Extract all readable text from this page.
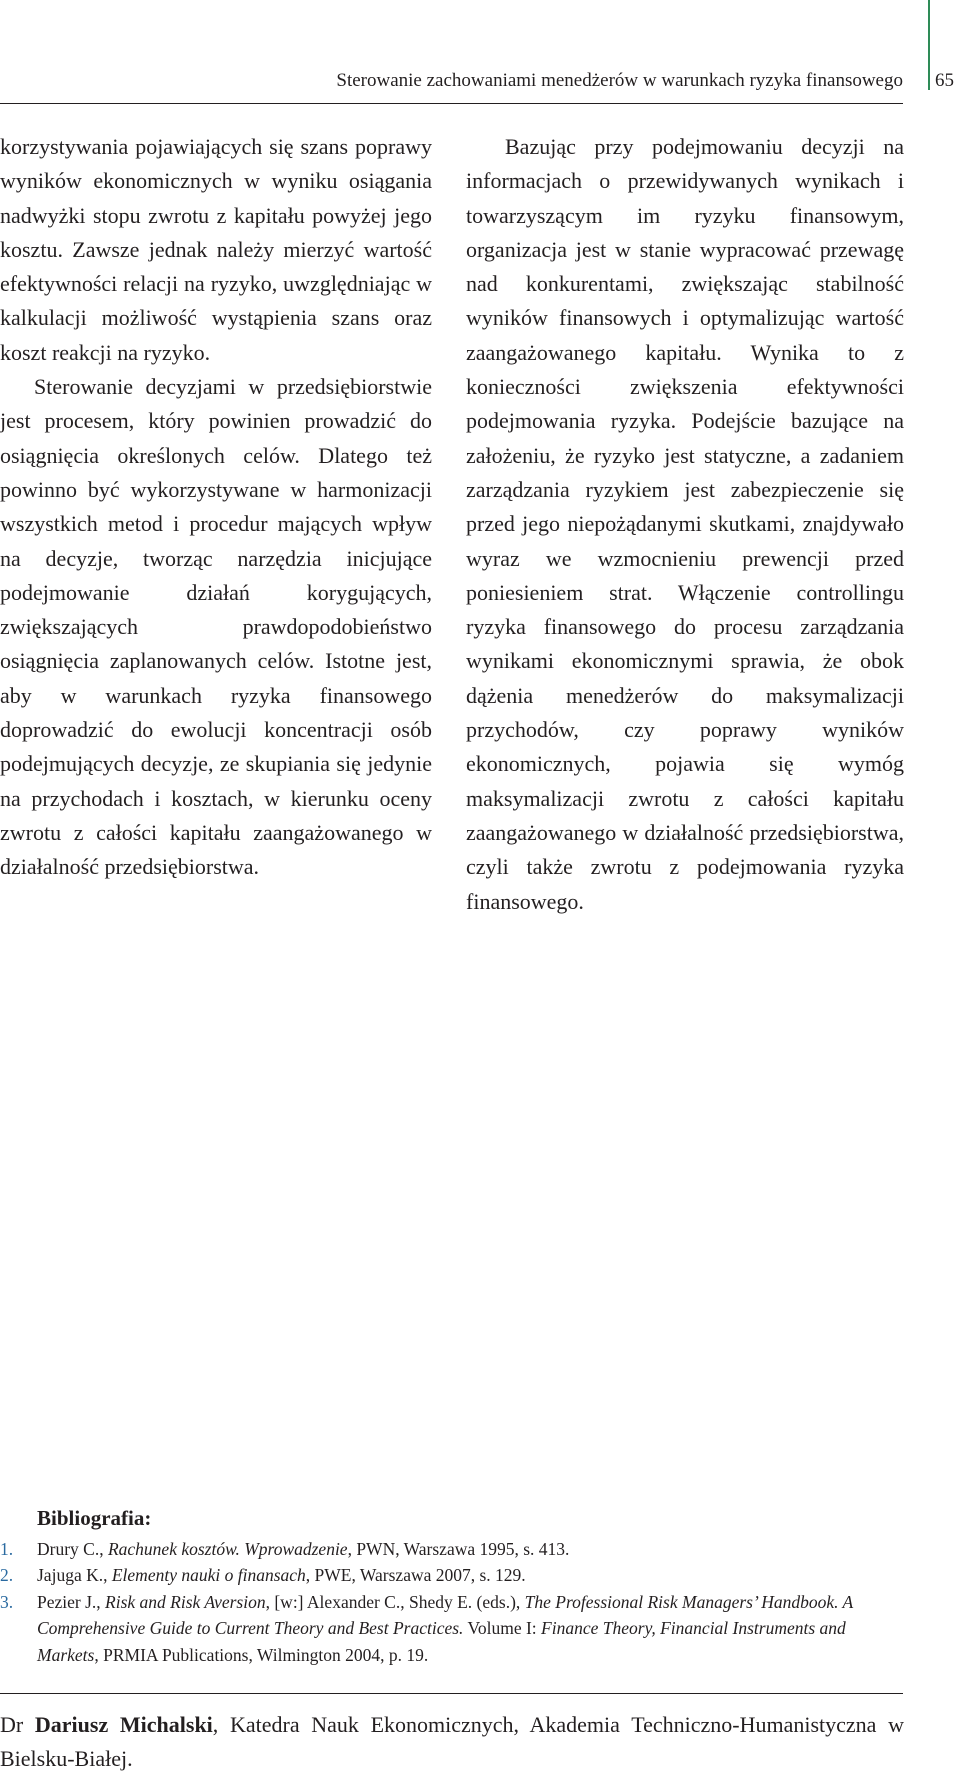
Sterowanie zachowaniami menedżerów w warunkach ryzyka finansowego 65

korzystywania pojawiających się szans poprawy wyników ekonomicznych w wyniku osiągania nadwyżki stopu zwrotu z kapitału powyżej jego kosztu. Zawsze jednak należy mierzyć wartość efektywności relacji na ryzyko, uwzględniając w kalkulacji możliwość wystąpienia szans oraz koszt reakcji na ryzyko.

Sterowanie decyzjami w przedsiębiorstwie jest procesem, który powinien prowadzić do osiągnięcia określonych celów. Dlatego też powinno być wykorzystywane w harmonizacji wszystkich metod i procedur mających wpływ na decyzje, tworząc narzędzia inicjujące podejmowanie działań korygujących, zwiększających prawdopodobieństwo osiągnięcia zaplanowanych celów. Istotne jest, aby w warunkach ryzyka finansowego doprowadzić do ewolucji koncentracji osób podejmujących decyzje, ze skupiania się jedynie na przychodach i kosztach, w kierunku oceny zwrotu z całości kapitału zaangażowanego w działalność przedsiębiorstwa.

Bazując przy podejmowaniu decyzji na informacjach o przewidywanych wynikach i towarzyszącym im ryzyku finansowym, organizacja jest w stanie wypracować przewagę nad konkurentami, zwiększając stabilność wyników finansowych i optymalizując wartość zaangażowanego kapitału. Wynika to z konieczności zwiększenia efektywności podejmowania ryzyka. Podejście bazujące na założeniu, że ryzyko jest statyczne, a zadaniem zarządzania ryzykiem jest zabezpieczenie się przed jego niepożądanymi skutkami, znajdywało wyraz we wzmocnieniu prewencji przed poniesieniem strat. Włączenie controllingu ryzyka finansowego do procesu zarządzania wynikami ekonomicznymi sprawia, że obok dążenia menedżerów do maksymalizacji przychodów, czy poprawy wyników ekonomicznych, pojawia się wymóg maksymalizacji zwrotu z całości kapitału zaangażowanego w działalność przedsiębiorstwa, czyli także zwrotu z podejmowania ryzyka finansowego.

Bibliografia:
1. Drury C., Rachunek kosztów. Wprowadzenie, PWN, Warszawa 1995, s. 413.
2. Jajuga K., Elementy nauki o finansach, PWE, Warszawa 2007, s. 129.
3. Pezier J., Risk and Risk Aversion, [w:] Alexander C., Shedy E. (eds.), The Professional Risk Managers’ Handbook. A Comprehensive Guide to Current Theory and Best Practices. Volume I: Finance Theory, Financial Instruments and Markets, PRMIA Publications, Wilmington 2004, p. 19.
Dr Dariusz Michalski, Katedra Nauk Ekonomicznych, Akademia Techniczno-Humanistyczna w Bielsku-Białej.
